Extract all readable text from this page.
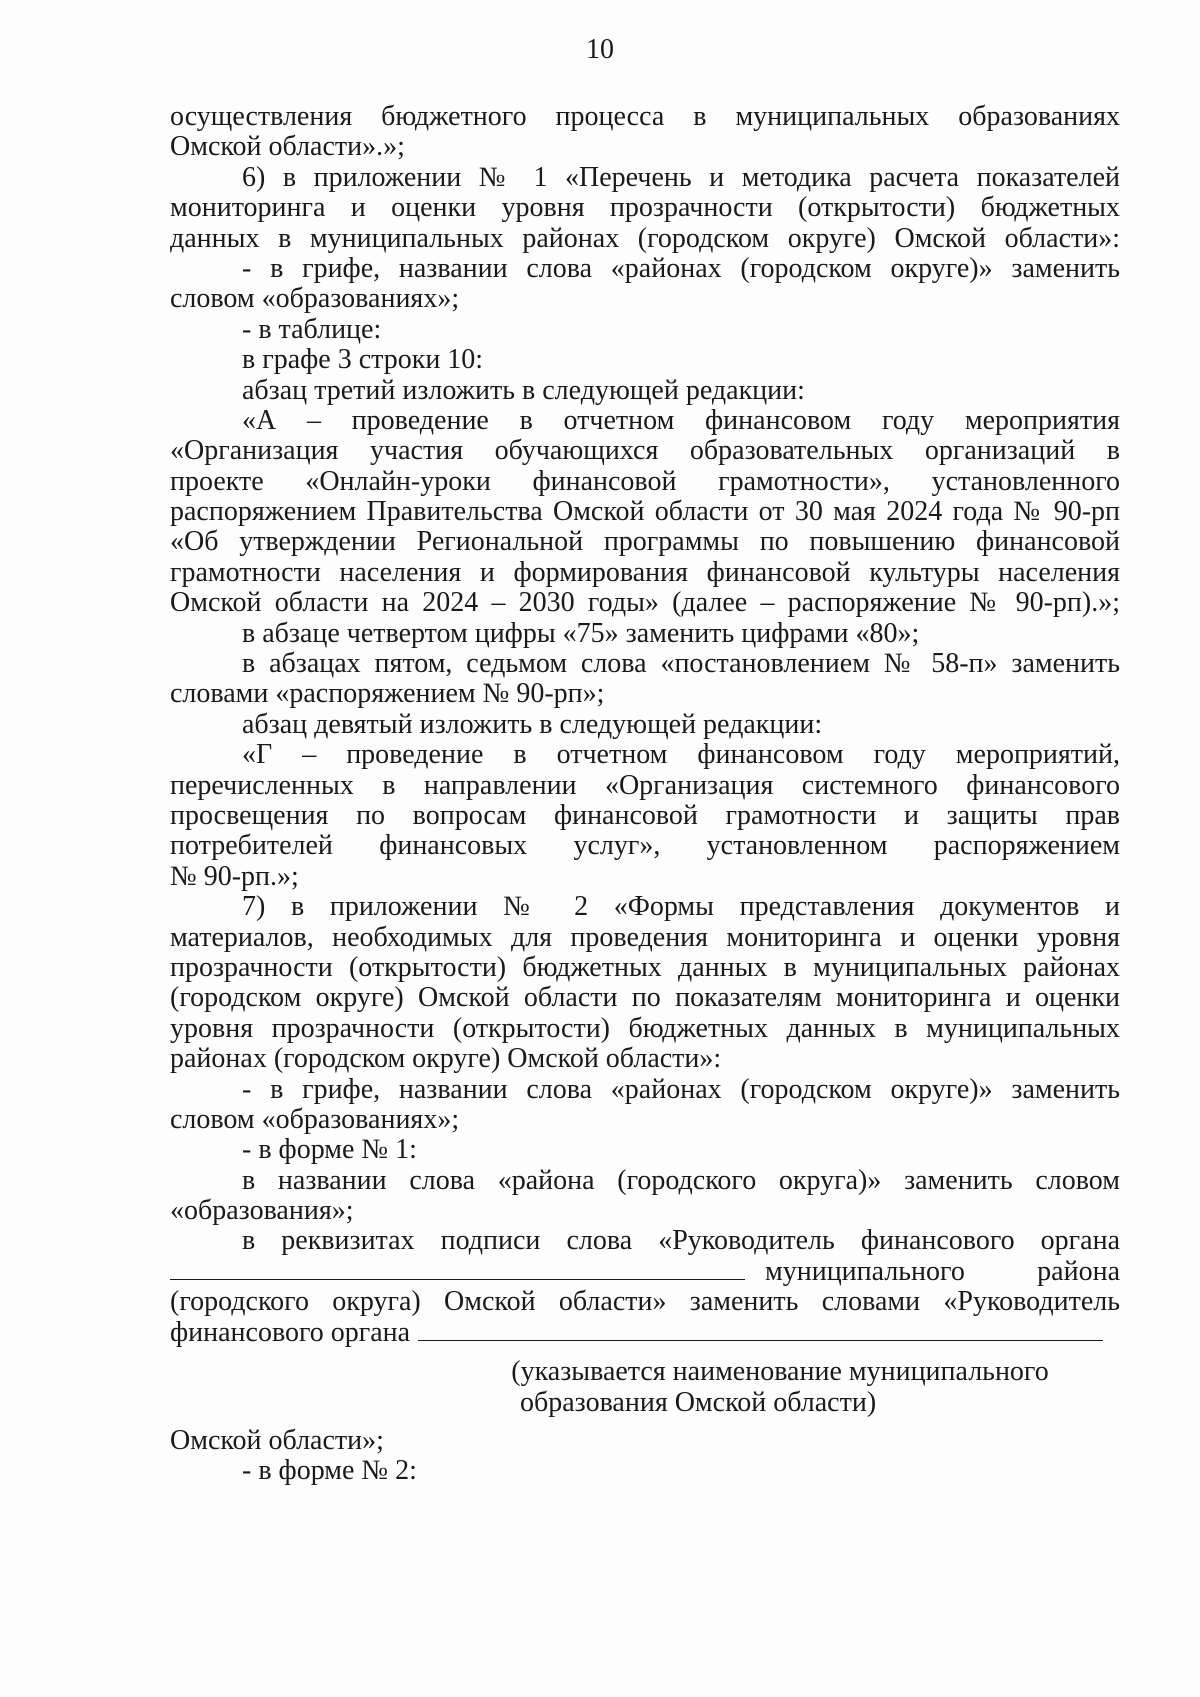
10
осуществления бюджетного процесса в муниципальных образованиях
Омской области».»;
6) в приложении № 1 «Перечень и методика расчета показателей
мониторинга и оценки уровня прозрачности (открытости) бюджетных
данных в муниципальных районах (городском округе) Омской области»:
- в грифе, названии слова «районах (городском округе)» заменить
словом «образованиях»;
- в таблице:
в графе 3 строки 10:
абзац третий изложить в следующей редакции:
«А – проведение в отчетном финансовом году мероприятия
«Организация участия обучающихся образовательных организаций в
проекте «Онлайн-уроки финансовой грамотности», установленного
распоряжением Правительства Омской области от 30 мая 2024 года № 90-рп
«Об утверждении Региональной программы по повышению финансовой
грамотности населения и формирования финансовой культуры населения
Омской области на 2024 – 2030 годы» (далее – распоряжение № 90-рп).»;
в абзаце четвертом цифры «75» заменить цифрами «80»;
в абзацах пятом, седьмом слова «постановлением № 58-п» заменить
словами «распоряжением № 90-рп»;
абзац девятый изложить в следующей редакции:
«Г – проведение в отчетном финансовом году мероприятий,
перечисленных в направлении «Организация системного финансового
просвещения по вопросам финансовой грамотности и защиты прав
потребителей финансовых услуг», установленном распоряжением
№ 90-рп.»;
7) в приложении № 2 «Формы представления документов и
материалов, необходимых для проведения мониторинга и оценки уровня
прозрачности (открытости) бюджетных данных в муниципальных районах
(городском округе) Омской области по показателям мониторинга и оценки
уровня прозрачности (открытости) бюджетных данных в муниципальных
районах (городском округе) Омской области»:
- в грифе, названии слова «районах (городском округе)» заменить
словом «образованиях»;
- в форме № 1:
в названии слова «района (городского округа)» заменить словом
«образования»;
в реквизитах подписи слова «Руководитель финансового органа
муниципального	района
(городского округа) Омской области» заменить словами «Руководитель
финансового органа
(указывается наименование муниципального
образования Омской области)
Омской области»;
- в форме № 2:
